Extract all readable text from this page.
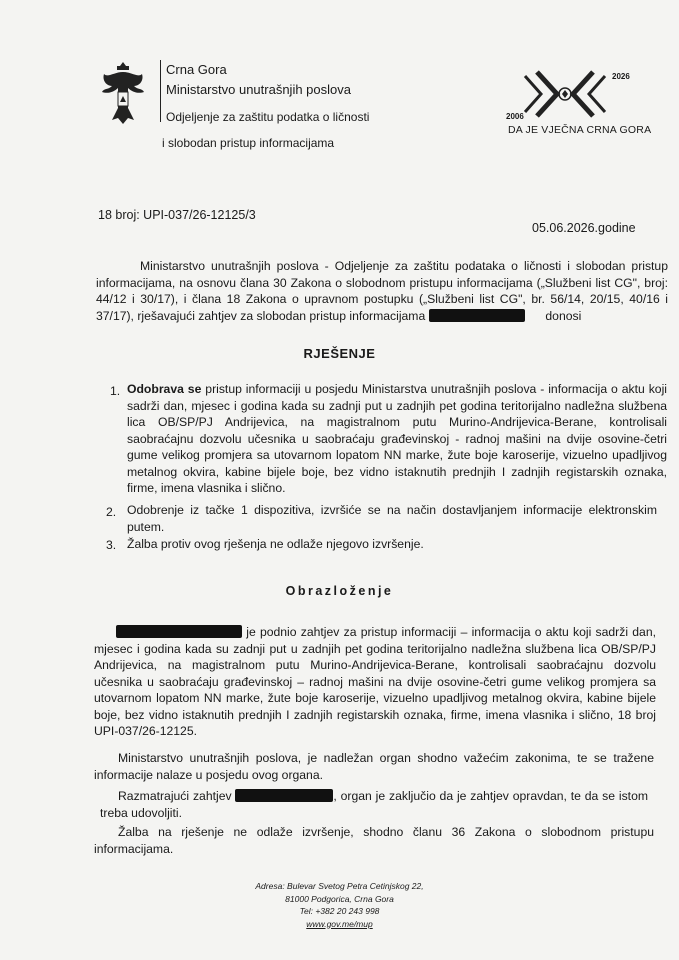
Crna Gora
Ministarstvo unutrašnjih poslova
Odjeljenje za zaštitu podatka o ličnosti
i slobodan pristup informacijama
2006
2026
DA JE VJEČNA CRNA GORA
18 broj: UPI-037/26-12125/3
05.06.2026.godine
Ministarstvo unutrašnjih poslova - Odjeljenje za zaštitu podataka o ličnosti i slobodan pristup informacijama, na osnovu člana 30 Zakona o slobodnom pristupu informacijama („Službeni list CG", broj: 44/12 i 30/17), i člana 18 Zakona o upravnom postupku („Službeni list CG", br. 56/14, 20/15, 40/16 i 37/17), rješavajući zahtjev za slobodan pristup informacijama	donosi
RJEŠENJE
1. Odobrava se pristup informaciji u posjedu Ministarstva unutrašnjih poslova - informacija o aktu koji sadrži dan, mjesec i godina kada su zadnji put u zadnjih pet godina teritorijalno nadležna službena lica OB/SP/PJ Andrijevica, na magistralnom putu Murino-Andrijevica-Berane, kontrolisali saobraćajnu dozvolu učesnika u saobraćaju građevinskoj - radnoj mašini na dvije osovine-četri gume velikog promjera sa utovarnom lopatom NN marke, žute boje karoserije, vizuelno upadljivog metalnog okvira, kabine bijele boje, bez vidno istaknutih prednjih I zadnjih registarskih oznaka, firme, imena vlasnika i slično.
2. Odobrenje iz tačke 1 dispozitiva, izvršiće se na način dostavljanjem informacije elektronskim putem.
3. Žalba protiv ovog rješenja ne odlaže njegovo izvršenje.
Obrazloženje
je podnio zahtjev za pristup informaciji – informacija o aktu koji sadrži dan, mjesec i godina kada su zadnji put u zadnjih pet godina teritorijalno nadležna službena lica OB/SP/PJ Andrijevica, na magistralnom putu Murino-Andrijevica-Berane, kontrolisali saobraćajnu dozvolu učesnika u saobraćaju građevinskoj – radnoj mašini na dvije osovine-četri gume velikog promjera sa utovarnom lopatom NN marke, žute boje karoserije, vizuelno upadljivog metalnog okvira, kabine bijele boje, bez vidno istaknutih prednjih I zadnjih registarskih oznaka, firme, imena vlasnika i slično, 18 broj UPI-037/26-12125.
Ministarstvo unutrašnjih poslova, je nadležan organ shodno važećim zakonima, te se tražene informacije nalaze u posjedu ovog organa.
Razmatrajući zahtjev	, organ je zaključio da je zahtjev opravdan, te da se istom treba udovoljiti.
Žalba na rješenje ne odlaže izvršenje, shodno članu 36 Zakona o slobodnom pristupu informacijama.
Adresa: Bulevar Svetog Petra Cetinjskog 22,
81000 Podgorica, Crna Gora
Tel: +382 20 243 998
www.gov.me/mup
